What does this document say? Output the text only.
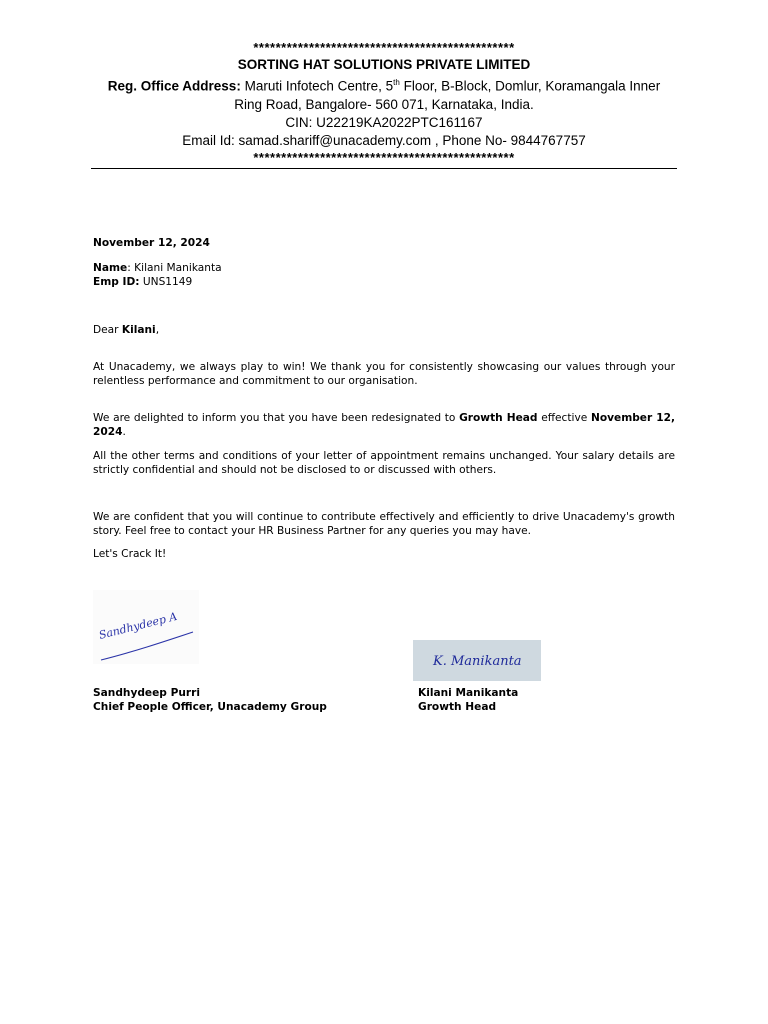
***********************************************
SORTING HAT SOLUTIONS PRIVATE LIMITED
Reg. Office Address: Maruti Infotech Centre, 5th Floor, B-Block, Domlur, Koramangala Inner
Ring Road, Bangalore- 560 071, Karnataka, India.
CIN: U22219KA2022PTC161167
Email Id: samad.shariff@unacademy.com , Phone No- 9844767757
***********************************************
November 12, 2024
Name: Kilani Manikanta
Emp ID: UNS1149
Dear Kilani,
At Unacademy, we always play to win! We thank you for consistently showcasing our values through your relentless performance and commitment to our organisation.
We are delighted to inform you that you have been redesignated to Growth Head effective November 12, 2024.
All the other terms and conditions of your letter of appointment remains unchanged. Your salary details are strictly confidential and should not be disclosed to or discussed with others.
We are confident that you will continue to contribute effectively and efficiently to drive Unacademy's growth story. Feel free to contact your HR Business Partner for any queries you may have.
Let's Crack It!
Sandhydeep A
K. Manikanta
Sandhydeep Purri
Chief People Officer, Unacademy Group
Kilani Manikanta
Growth Head
